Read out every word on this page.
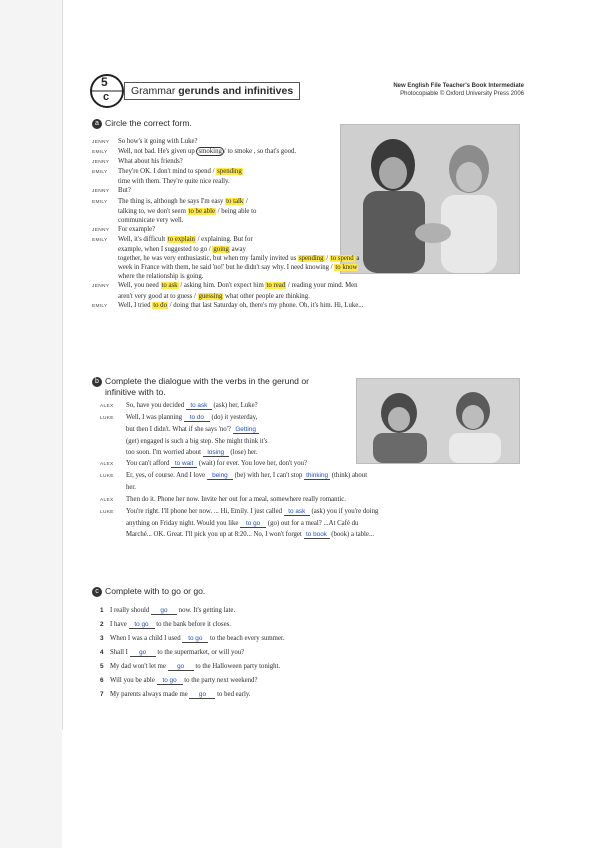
5
c	Grammar gerunds and infinitives	New English File Teacher's Book Intermediate
Photocopiable © Oxford University Press 2006
a Circle the correct form.
JENNY So how's it going with Luke?
EMILY Well, not bad. He's given up smoking / to smoke , so that's good.
JENNY What about his friends?
EMILY They're OK. I don't mind to spend / spending
time with them. They're quite nice really.
JENNY But?
EMILY The thing is, although he says I'm easy to talk /
talking to, we don't seem to be able / being able to
communicate very well.
JENNY For example?
EMILY Well, it's difficult to explain / explaining. But for
example, when I suggested to go / going away
together, he was very enthusiastic, but when my family invited us spending / to spend a
week in France with them, he said 'no!' but he didn't say why. I need knowing / to know
where the relationship is going.
JENNY Well, you need to ask / asking him. Don't expect him to read / reading your mind. Men
aren't very good at to guess / guessing what other people are thinking.
EMILY Well, I tried to do / doing that last Saturday oh, there's my phone. Oh, it's him. Hi, Luke...
b Complete the dialogue with the verbs in the gerund or
infinitive with to.
ALEX So, have you decided to ask (ask) her, Luke?
LUKE Well, I was planning to do (do) it yesterday,
but then I didn't. What if she says 'no'? Getting
(get) engaged is such a big step. She might think it's
too soon. I'm worried about losing (lose) her.
ALEX You can't afford to wait (wait) for ever. You love her, don't you?
LUKE Er, yes, of course. And I love being (be) with her, I can't stop thinking (think) about
her.
ALEX Then do it. Phone her now. Invite her out for a meal, somewhere really romantic.
LUKE You're right. I'll phone her now. ... Hi, Emily. I just called to ask (ask) you if you're doing
anything on Friday night. Would you like to go (go) out for a meal? ...At Café du
Marché... OK. Great. I'll pick you up at 8:20... No, I won't forget to book (book) a table...
c Complete with to go or go.
1 I really should go now. It's getting late.
2 I have to go to the bank before it closes.
3 When I was a child I used to go to the beach every summer.
4 Shall I go to the supermarket, or will you?
5 My dad won't let me go to the Halloween party tonight.
6 Will you be able to go to the party next weekend?
7 My parents always made me go to bed early.
